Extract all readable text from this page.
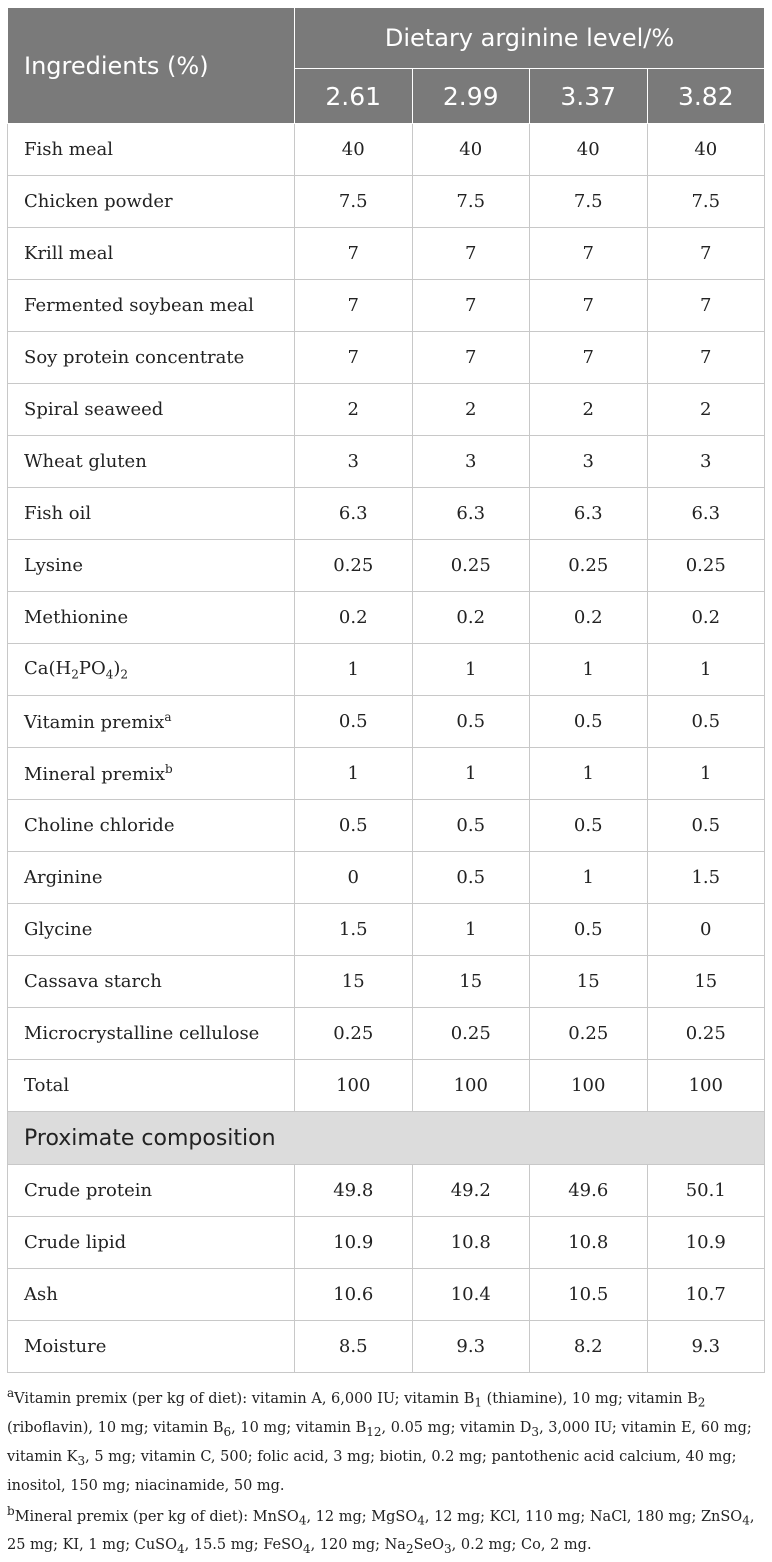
Ingredients (%)	Dietary arginine level/%			
	2.61	2.99	3.37	3.82
Fish meal	40	40	40	40
Chicken powder	7.5	7.5	7.5	7.5
Krill meal	7	7	7	7
Fermented soybean meal	7	7	7	7
Soy protein concentrate	7	7	7	7
Spiral seaweed	2	2	2	2
Wheat gluten	3	3	3	3
Fish oil	6.3	6.3	6.3	6.3
Lysine	0.25	0.25	0.25	0.25
Methionine	0.2	0.2	0.2	0.2
$Ca(H_2PO_4)_2$	1	1	1	1
Vitamin premix$^a$	0.5	0.5	0.5	0.5
Mineral premix$^b$	1	1	1	1
Choline chloride	0.5	0.5	0.5	0.5
Arginine	0	0.5	1	1.5
Glycine	1.5	1	0.5	0
Cassava starch	15	15	15	15
Microcrystalline cellulose	0.25	0.25	0.25	0.25
Total	100	100	100	100
Proximate composition				
Crude protein	49.8	49.2	49.6	50.1
Crude lipid	10.9	10.8	10.8	10.9
Ash	10.6	10.4	10.5	10.7
Moisture	8.5	9.3	8.2	9.3

$^a$Vitamin premix (per kg of diet): vitamin A, 6,000 IU; vitamin $B_1$ (thiamine), 10 mg; vitamin $B_2$ (riboflavin), 10 mg; vitamin $B_6$, 10 mg; vitamin $B_{12}$, 0.05 mg; vitamin $D_3$, 3,000 IU; vitamin E, 60 mg; vitamin $K_3$, 5 mg; vitamin C, 500; folic acid, 3 mg; biotin, 0.2 mg; pantothenic acid calcium, 40 mg; inositol, 150 mg; niacinamide, 50 mg.

$^b$Mineral premix (per kg of diet): MnSO$_4$, 12 mg; MgSO$_4$, 12 mg; KCl, 110 mg; NaCl, 180 mg; ZnSO$_4$, 25 mg; KI, 1 mg; CuSO$_4$, 15.5 mg; FeSO$_4$, 120 mg; $Na_2SeO_3$, 0.2 mg; Co, 2 mg.
